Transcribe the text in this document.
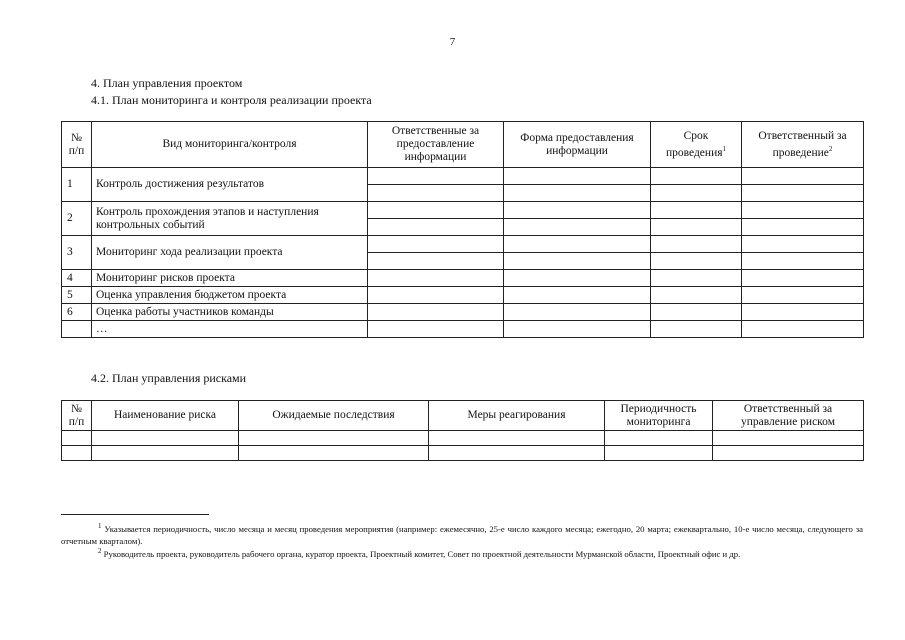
7
4. План управления проектом
4.1. План мониторинга и контроля реализации проекта
№ п/п	Вид мониторинга/контроля	Ответственные за предоставление информации	Форма предоставления информации	Срок проведения$^1$	Ответственный за проведение$^2$
1	Контроль достижения результатов				

2	Контроль прохождения этапов и наступления контрольных событий				

3	Мониторинг хода реализации проекта				

4	Мониторинг рисков проекта				
5	Оценка управления бюджетом проекта				
6	Оценка работы участников команды				
	…				
4.2. План управления рисками
№ п/п	Наименование риска	Ожидаемые последствия	Меры реагирования	Периодичность мониторинга	Ответственный за управление риском

$^1$ Указывается периодичность, число месяца и месяц проведения мероприятия (например: ежемесячно, 25-е число каждого месяца; ежегодно, 20 марта; ежеквартально, 10-е число месяца, следующего за отчетным кварталом).
$^2$ Руководитель проекта, руководитель рабочего органа, куратор проекта, Проектный комитет, Совет по проектной деятельности Мурманской области, Проектный офис и др.
